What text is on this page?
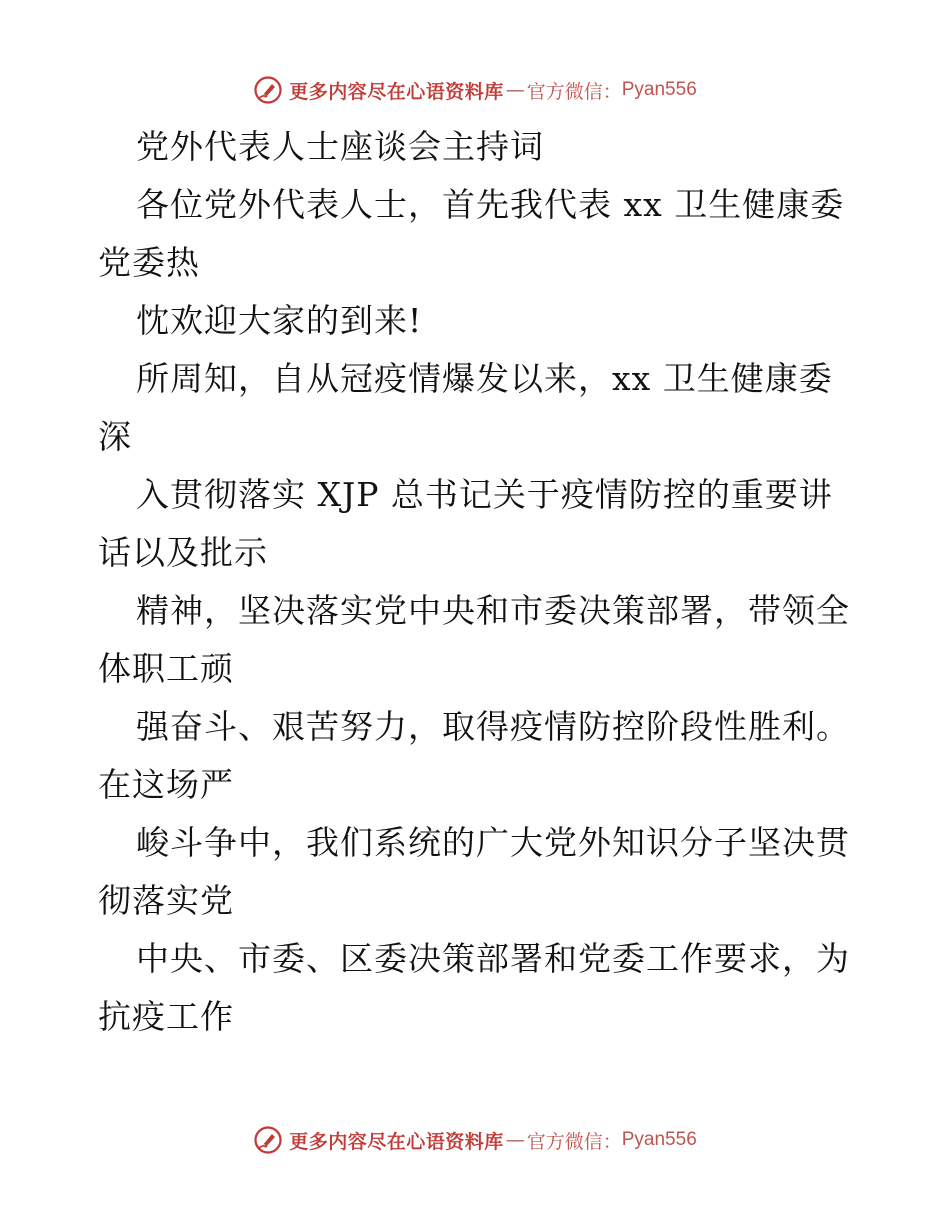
更多内容尽在心语资料库 — 官方微信： Pyan556
党外代表人士座谈会主持词
各位党外代表人士，首先我代表 xx 卫生健康委
党委热
忱欢迎大家的到来!
所周知，自从冠疫情爆发以来，xx 卫生健康委
深
入贯彻落实 XJP 总书记关于疫情防控的重要讲
话以及批示
精神，坚决落实党中央和市委决策部署，带领全
体职工顽
强奋斗、艰苦努力，取得疫情防控阶段性胜利。
在这场严
峻斗争中，我们系统的广大党外知识分子坚决贯
彻落实党
中央、市委、区委决策部署和党委工作要求，为
抗疫工作
更多内容尽在心语资料库 — 官方微信： Pyan556
